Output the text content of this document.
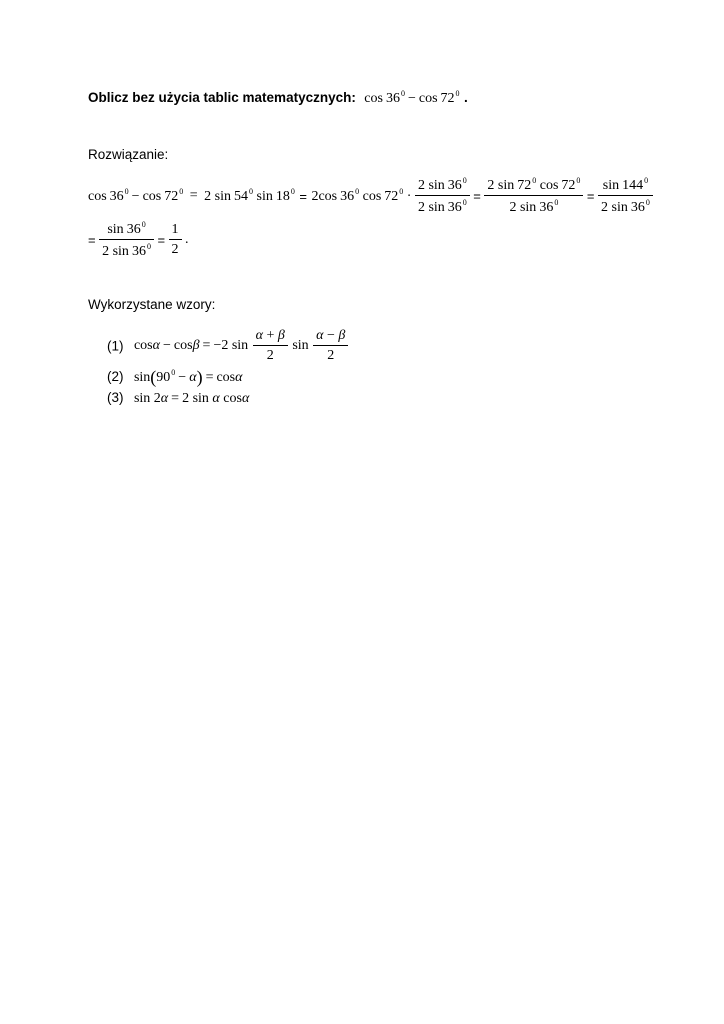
Oblicz bez użycia tablic matematycznych: $\cos 36^0 - \cos 72^0$ .
Rozwiązanie:
$\cos 36^0 - \cos 72^0 = 2$ $\sin 54^0$ $\sin 18^0 = 2\cos$ $36^0$ $\cos 72^0 \cdot \frac{2 \sin 36^0}{2 \sin 36^0} = \frac{2 \sin 72^0 \cos 72^0}{2 \sin 36^0} = \frac{\sin 144^0}{2 \sin 36^0}$
= $\frac{\sin 36^0}{2 \sin 36^0} = \frac{1}{2}$ .
Wykorzystane wzory:
(1) cosα − cosβ = −2 $\sin \frac{\alpha + \beta}{2}$ $\sin \frac{\alpha - \beta}{2}$
(2) $\sin(90^0 - \alpha) = \cos\alpha$
(3) sin 2α = 2 sin α cosα
